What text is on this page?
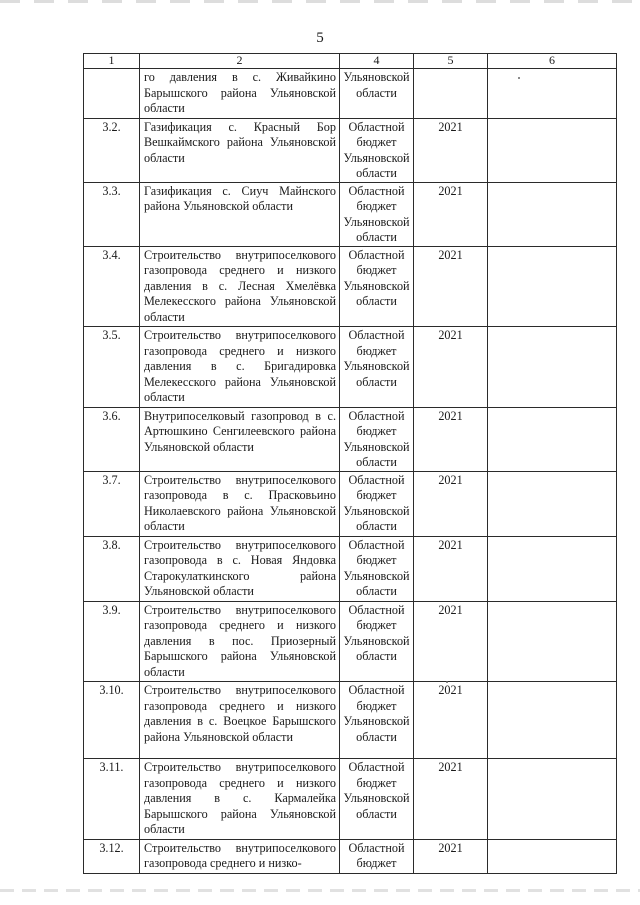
5
1	2	4	5	6
	го давления в с. Живайкино Барышского района Ульяновской области	Ульяновской области		
3.2.	Газификация с. Красный Бор Вешкаймского района Ульяновской области	Областной бюджет Ульяновской области	2021	
3.3.	Газификация с. Сиуч Майнского района Ульяновской области	Областной бюджет Ульяновской области	2021	
3.4.	Строительство внутрипоселкового газопровода среднего и низкого давления в с. Лесная Хмелёвка Мелекесского района Ульяновской области	Областной бюджет Ульяновской области	2021	
3.5.	Строительство внутрипоселкового газопровода среднего и низкого давления в с. Бригадировка Мелекесского района Ульяновской области	Областной бюджет Ульяновской области	2021	
3.6.	Внутрипоселковый газопровод в с. Артюшкино Сенгилеевского района Ульяновской области	Областной бюджет Ульяновской области	2021	
3.7.	Строительство внутрипоселкового газопровода в с. Прасковьино Николаевского района Ульяновской области	Областной бюджет Ульяновской области	2021	
3.8.	Строительство внутрипоселкового газопровода в с. Новая Яндовка Старокулаткинского района Ульяновской области	Областной бюджет Ульяновской области	2021	
3.9.	Строительство внутрипоселкового газопровода среднего и низкого давления в пос. Приозерный Барышского района Ульяновской области	Областной бюджет Ульяновской области	2021	
3.10.	Строительство внутрипоселкового газопровода среднего и низкого давления в с. Воецкое Барышского района Ульяновской области	Областной бюджет Ульяновской области	2021	
3.11.	Строительство внутрипоселкового газопровода среднего и низкого давления в с. Кармалейка Барышского района Ульяновской области	Областной бюджет Ульяновской области	2021	
3.12.	Строительство внутрипоселкового газопровода среднего и низко-	Областной бюджет	2021	
